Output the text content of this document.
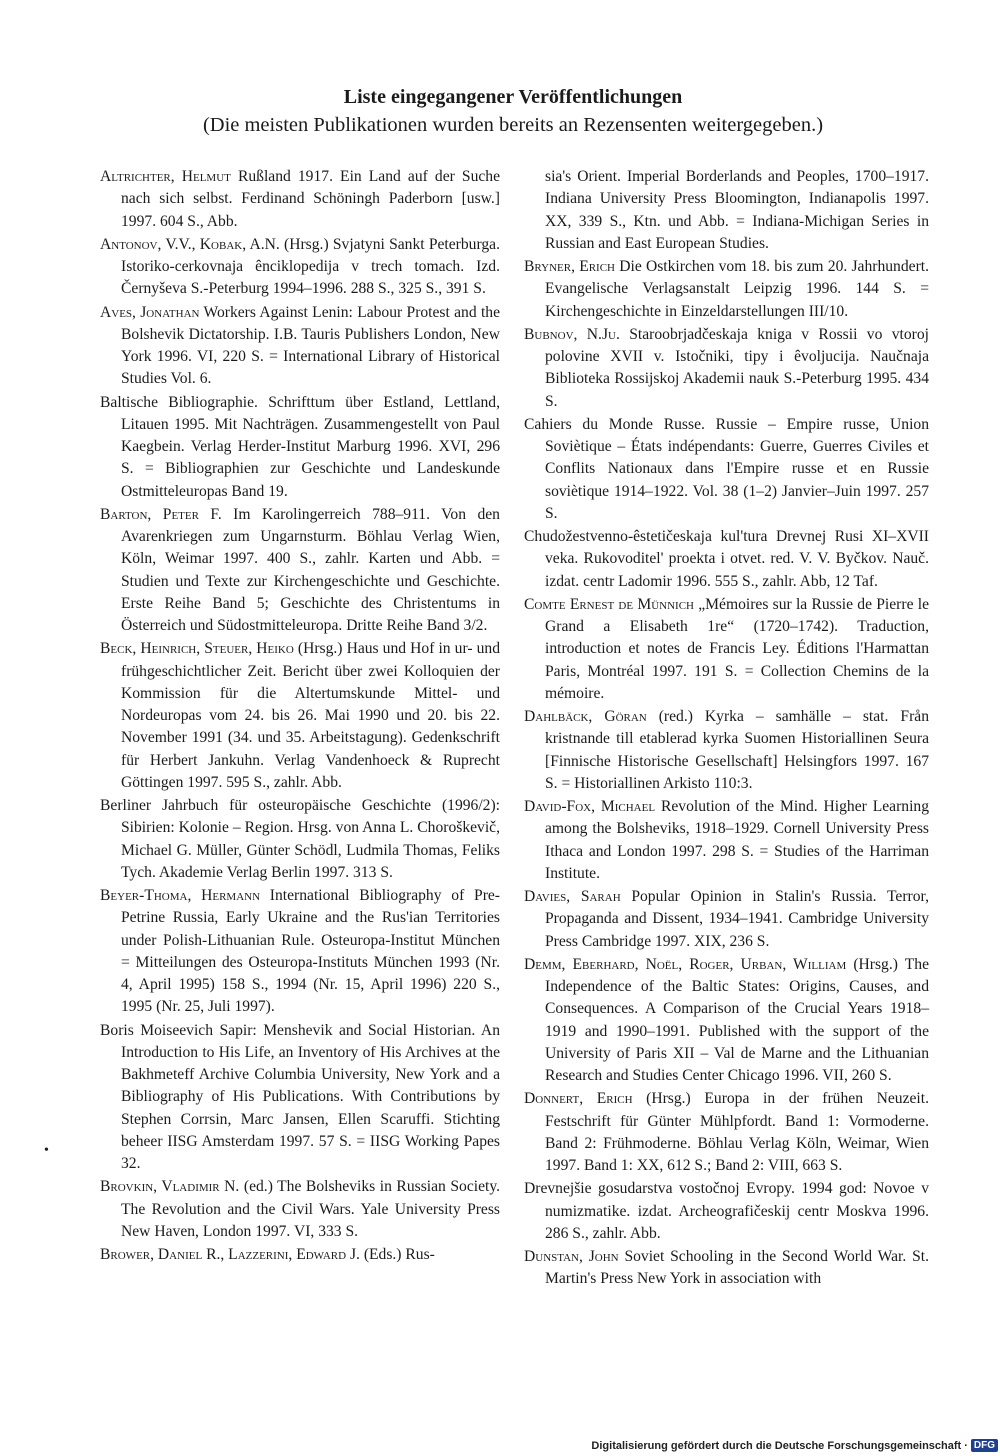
Liste eingegangener Veröffentlichungen
(Die meisten Publikationen wurden bereits an Rezensenten weitergegeben.)

Altrichter, Helmut Rußland 1917. Ein Land auf der Suche nach sich selbst. Ferdinand Schöningh Paderborn [usw.] 1997. 604 S., Abb.

Antonov, V.V., Kobak, A.N. (Hrsg.) Svjatyni Sankt Peterburga. Istoriko-cerkovnaja ênciklopedija v trech tomach. Izd. Černyševa S.-Peterburg 1994–1996. 288 S., 325 S., 391 S.

Aves, Jonathan Workers Against Lenin: Labour Protest and the Bolshevik Dictatorship. I.B. Tauris Publishers London, New York 1996. VI, 220 S. = International Library of Historical Studies Vol. 6.

Baltische Bibliographie. Schrifttum über Estland, Lettland, Litauen 1995. Mit Nachträgen. Zusammengestellt von Paul Kaegbein. Verlag Herder-Institut Marburg 1996. XVI, 296 S. = Bibliographien zur Geschichte und Landeskunde Ostmitteleuropas Band 19.

Barton, Peter F. Im Karolingerreich 788–911. Von den Avarenkriegen zum Ungarnsturm. Böhlau Verlag Wien, Köln, Weimar 1997. 400 S., zahlr. Karten und Abb. = Studien und Texte zur Kirchengeschichte und Geschichte. Erste Reihe Band 5; Geschichte des Christentums in Österreich und Südostmitteleuropa. Dritte Reihe Band 3/2.

Beck, Heinrich, Steuer, Heiko (Hrsg.) Haus und Hof in ur- und frühgeschichtlicher Zeit. Bericht über zwei Kolloquien der Kommission für die Altertumskunde Mittel- und Nordeuropas vom 24. bis 26. Mai 1990 und 20. bis 22. November 1991 (34. und 35. Arbeitstagung). Gedenkschrift für Herbert Jankuhn. Verlag Vandenhoeck & Ruprecht Göttingen 1997. 595 S., zahlr. Abb.

Berliner Jahrbuch für osteuropäische Geschichte (1996/2): Sibirien: Kolonie – Region. Hrsg. von Anna L. Choroškevič, Michael G. Müller, Günter Schödl, Ludmila Thomas, Feliks Tych. Akademie Verlag Berlin 1997. 313 S.

Beyer-Thoma, Hermann International Bibliography of Pre-Petrine Russia, Early Ukraine and the Rus'ian Territories under Polish-Lithuanian Rule. Osteuropa-Institut München = Mitteilungen des Osteuropa-Instituts München 1993 (Nr. 4, April 1995) 158 S., 1994 (Nr. 15, April 1996) 220 S., 1995 (Nr. 25, Juli 1997).

Boris Moiseevich Sapir: Menshevik and Social Historian. An Introduction to His Life, an Inventory of His Archives at the Bakhmeteff Archive Columbia University, New York and a Bibliography of His Publications. With Contributions by Stephen Corrsin, Marc Jansen, Ellen Scaruffi. Stichting beheer IISG Amsterdam 1997. 57 S. = IISG Working Papes 32.

Brovkin, Vladimir N. (ed.) The Bolsheviks in Russian Society. The Revolution and the Civil Wars. Yale University Press New Haven, London 1997. VI, 333 S.

Brower, Daniel R., Lazzerini, Edward J. (Eds.) Rus-

sia's Orient. Imperial Borderlands and Peoples, 1700–1917. Indiana University Press Bloomington, Indianapolis 1997. XX, 339 S., Ktn. und Abb. = Indiana-Michigan Series in Russian and East European Studies.

Bryner, Erich Die Ostkirchen vom 18. bis zum 20. Jahrhundert. Evangelische Verlagsanstalt Leipzig 1996. 144 S. = Kirchengeschichte in Einzeldarstellungen III/10.

Bubnov, N.Ju. Staroobrjadčeskaja kniga v Rossii vo vtoroj polovine XVII v. Istočniki, tipy i êvoljucija. Naučnaja Biblioteka Rossijskoj Akademii nauk S.-Peterburg 1995. 434 S.

Cahiers du Monde Russe. Russie – Empire russe, Union Soviètique – États indépendants: Guerre, Guerres Civiles et Conflits Nationaux dans l'Empire russe et en Russie soviètique 1914–1922. Vol. 38 (1–2) Janvier–Juin 1997. 257 S.

Chudožestvenno-êstetičeskaja kul'tura Drevnej Rusi XI–XVII veka. Rukovoditel' proekta i otvet. red. V. V. Byčkov. Nauč. izdat. centr Ladomir 1996. 555 S., zahlr. Abb, 12 Taf.

Comte Ernest de Münnich „Mémoires sur la Russie de Pierre le Grand a Elisabeth 1re“ (1720–1742). Traduction, introduction et notes de Francis Ley. Éditions l'Harmattan Paris, Montréal 1997. 191 S. = Collection Chemins de la mémoire.

Dahlbäck, Göran (red.) Kyrka – samhälle – stat. Från kristnande till etablerad kyrka Suomen Historiallinen Seura [Finnische Historische Gesellschaft] Helsingfors 1997. 167 S. = Historiallinen Arkisto 110:3.

David-Fox, Michael Revolution of the Mind. Higher Learning among the Bolsheviks, 1918–1929. Cornell University Press Ithaca and London 1997. 298 S. = Studies of the Harriman Institute.

Davies, Sarah Popular Opinion in Stalin's Russia. Terror, Propaganda and Dissent, 1934–1941. Cambridge University Press Cambridge 1997. XIX, 236 S.

Demm, Eberhard, Noël, Roger, Urban, William (Hrsg.) The Independence of the Baltic States: Origins, Causes, and Consequences. A Comparison of the Crucial Years 1918–1919 and 1990–1991. Published with the support of the University of Paris XII – Val de Marne and the Lithuanian Research and Studies Center Chicago 1996. VII, 260 S.

Donnert, Erich (Hrsg.) Europa in der frühen Neuzeit. Festschrift für Günter Mühlpfordt. Band 1: Vormoderne. Band 2: Frühmoderne. Böhlau Verlag Köln, Weimar, Wien 1997. Band 1: XX, 612 S.; Band 2: VIII, 663 S.

Drevnejšie gosudarstva vostočnoj Evropy. 1994 god: Novoe v numizmatike. izdat. Archeografičeskij centr Moskva 1996. 286 S., zahlr. Abb.

Dunstan, John Soviet Schooling in the Second World War. St. Martin's Press New York in association with

•
Digitalisierung gefördert durch die Deutsche Forschungsgemeinschaft · DFG
